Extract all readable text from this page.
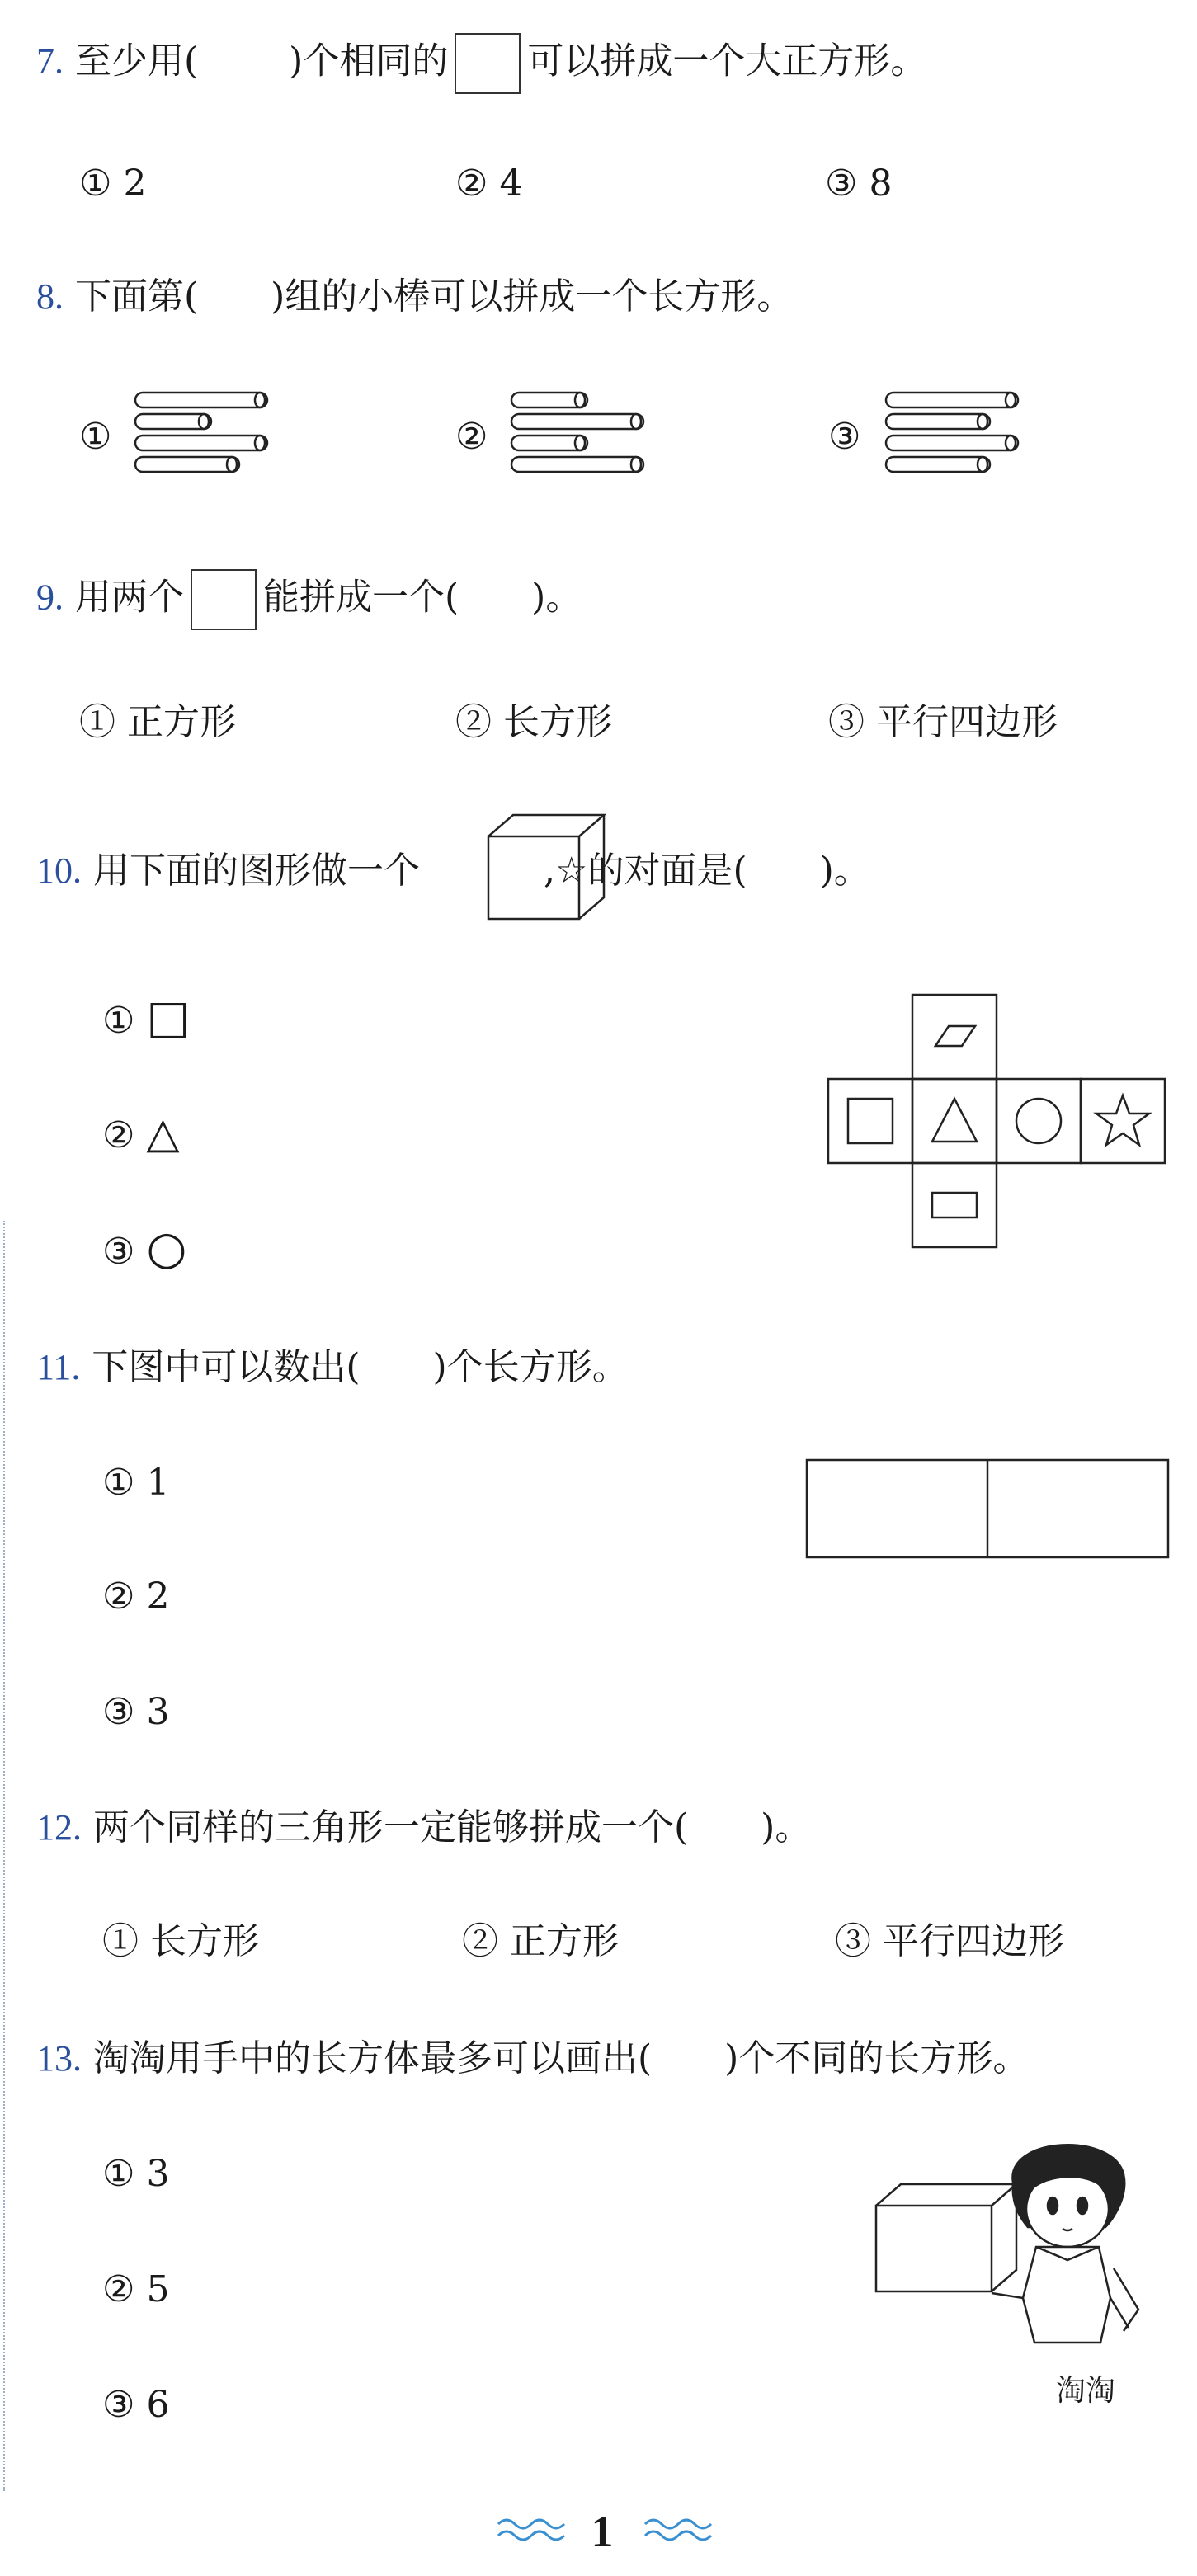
7. 至少用(	)个相同的 可以拼成一个大正方形。
① 2	② 4	③ 8
8. 下面第(　　)组的小棒可以拼成一个长方形。
①	②	③
9. 用两个 能拼成一个(　　)。
① 正方形	② 长方形	③ 平行四边形
10. 用下面的图形做一个	,☆的对面是(　　)。
① □
② △
③ ○
11. 下图中可以数出(　　)个长方形。
① 1
② 2
③ 3
12. 两个同样的三角形一定能够拼成一个(　　)。
① 长方形	② 正方形	③ 平行四边形
13. 淘淘用手中的长方体最多可以画出(　　)个不同的长方形。
① 3
② 5
③ 6	淘淘
1
